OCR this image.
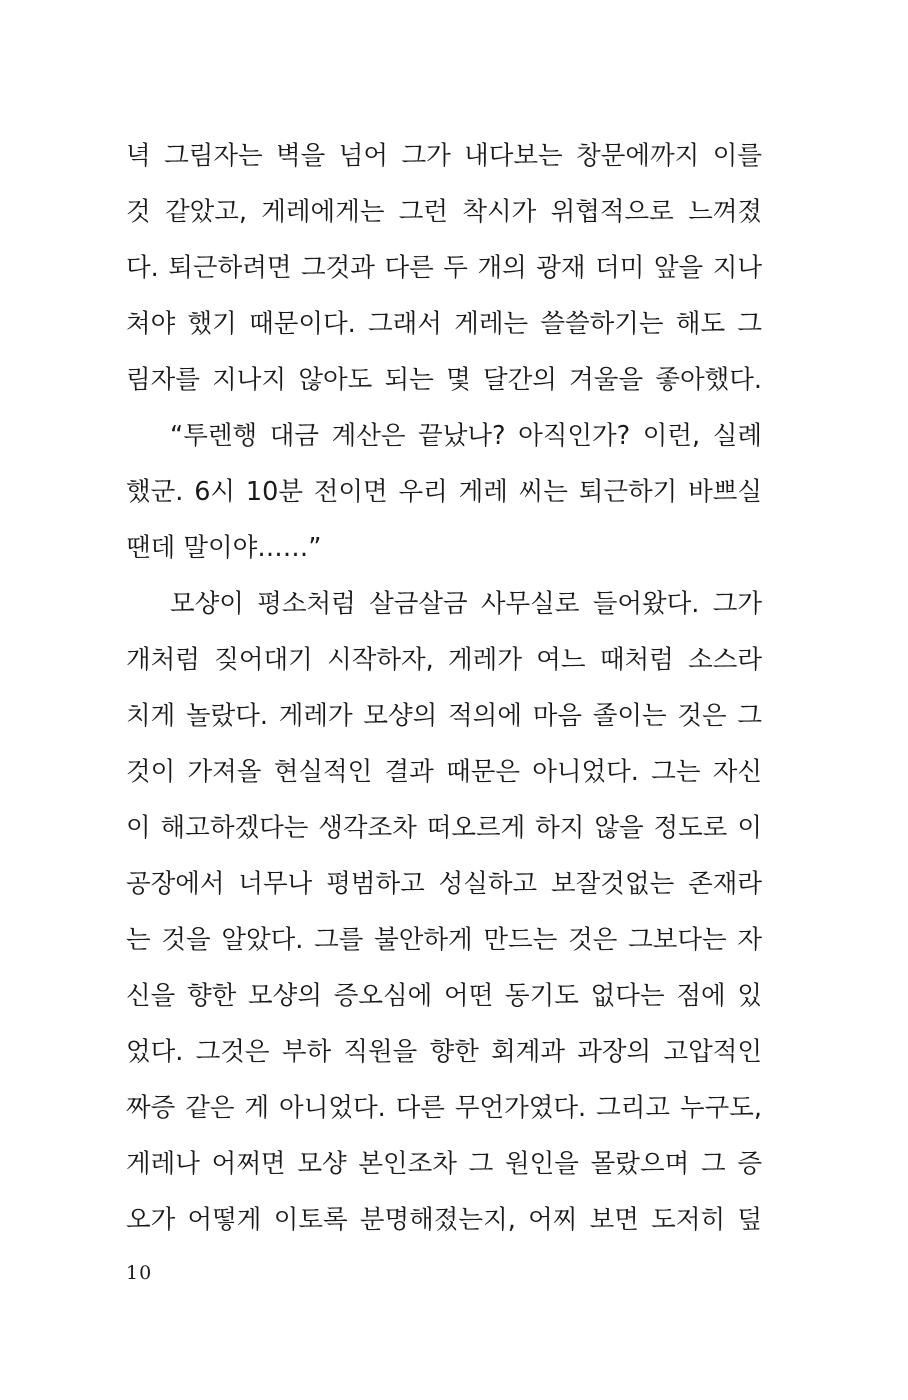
녁 그림자는 벽을 넘어 그가 내다보는 창문에까지 이를
것 같았고, 게레에게는 그런 착시가 위협적으로 느껴졌
다. 퇴근하려면 그것과 다른 두 개의 광재 더미 앞을 지나
쳐야 했기 때문이다. 그래서 게레는 쓸쓸하기는 해도 그
림자를 지나지 않아도 되는 몇 달간의 겨울을 좋아했다.
“투렌행 대금 계산은 끝났나? 아직인가? 이런, 실례
했군. 6시 10분 전이면 우리 게레 씨는 퇴근하기 바쁘실
땐데 말이야……”
모샹이 평소처럼 살금살금 사무실로 들어왔다. 그가
개처럼 짖어대기 시작하자, 게레가 여느 때처럼 소스라
치게 놀랐다. 게레가 모샹의 적의에 마음 졸이는 것은 그
것이 가져올 현실적인 결과 때문은 아니었다. 그는 자신
이 해고하겠다는 생각조차 떠오르게 하지 않을 정도로 이
공장에서 너무나 평범하고 성실하고 보잘것없는 존재라
는 것을 알았다. 그를 불안하게 만드는 것은 그보다는 자
신을 향한 모샹의 증오심에 어떤 동기도 없다는 점에 있
었다. 그것은 부하 직원을 향한 회계과 과장의 고압적인
짜증 같은 게 아니었다. 다른 무언가였다. 그리고 누구도,
게레나 어쩌면 모샹 본인조차 그 원인을 몰랐으며 그 증
오가 어떻게 이토록 분명해졌는지, 어찌 보면 도저히 덮
10
